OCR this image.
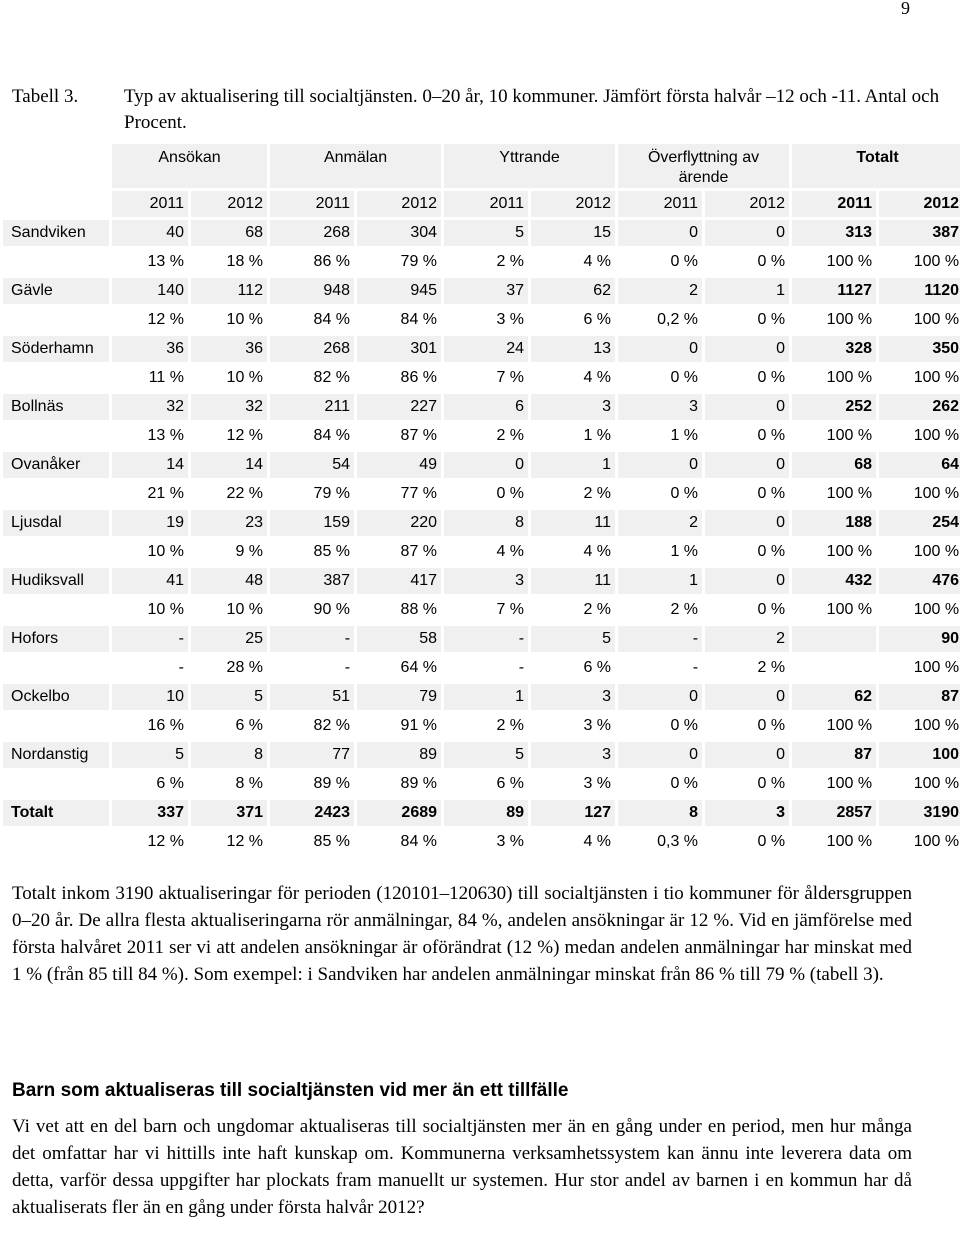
9
Tabell 3. Typ av aktualisering till socialtjänsten. 0–20 år, 10 kommuner. Jämfört första halvår –12 och -11. Antal och Procent.
	Ansökan		Anmälan		Yttrande		Överflyttning av ärende		Totalt	
	2011	2012	2011	2012	2011	2012	2011	2012	2011	2012
Sandviken	40	68	268	304	5	15	0	0	313	387
	13 %	18 %	86 %	79 %	2 %	4 %	0 %	0 %	100 %	100 %
Gävle	140	112	948	945	37	62	2	1	1127	1120
	12 %	10 %	84 %	84 %	3 %	6 %	0,2 %	0 %	100 %	100 %
Söderhamn	36	36	268	301	24	13	0	0	328	350
	11 %	10 %	82 %	86 %	7 %	4 %	0 %	0 %	100 %	100 %
Bollnäs	32	32	211	227	6	3	3	0	252	262
	13 %	12 %	84 %	87 %	2 %	1 %	1 %	0 %	100 %	100 %
Ovanåker	14	14	54	49	0	1	0	0	68	64
	21 %	22 %	79 %	77 %	0 %	2 %	0 %	0 %	100 %	100 %
Ljusdal	19	23	159	220	8	11	2	0	188	254
	10 %	9 %	85 %	87 %	4 %	4 %	1 %	0 %	100 %	100 %
Hudiksvall	41	48	387	417	3	11	1	0	432	476
	10 %	10 %	90 %	88 %	7 %	2 %	2 %	0 %	100 %	100 %
Hofors	-	25	-	58	-	5	-	2		90
	-	28 %	-	64 %	-	6 %	-	2 %		100 %
Ockelbo	10	5	51	79	1	3	0	0	62	87
	16 %	6 %	82 %	91 %	2 %	3 %	0 %	0 %	100 %	100 %
Nordanstig	5	8	77	89	5	3	0	0	87	100
	6 %	8 %	89 %	89 %	6 %	3 %	0 %	0 %	100 %	100 %
Totalt	337	371	2423	2689	89	127	8	3	2857	3190
	12 %	12 %	85 %	84 %	3 %	4 %	0,3 %	0 %	100 %	100 %
Totalt inkom 3190 aktualiseringar för perioden (120101–120630) till socialtjänsten i tio kommuner för åldersgruppen 0–20 år. De allra flesta aktualiseringarna rör anmälningar, 84 %, andelen ansökningar är 12 %. Vid en jämförelse med första halvåret 2011 ser vi att andelen ansökningar är oförändrat (12 %) medan andelen anmälningar har minskat med 1 % (från 85 till 84 %). Som exempel: i Sandviken har andelen anmälningar minskat från 86 % till 79 % (tabell 3).
Barn som aktualiseras till socialtjänsten vid mer än ett tillfälle
Vi vet att en del barn och ungdomar aktualiseras till socialtjänsten mer än en gång under en period, men hur många det omfattar har vi hittills inte haft kunskap om. Kommunerna verksamhetssystem kan ännu inte leverera data om detta, varför dessa uppgifter har plockats fram manuellt ur systemen. Hur stor andel av barnen i en kommun har då aktualiserats fler än en gång under första halvår 2012?
